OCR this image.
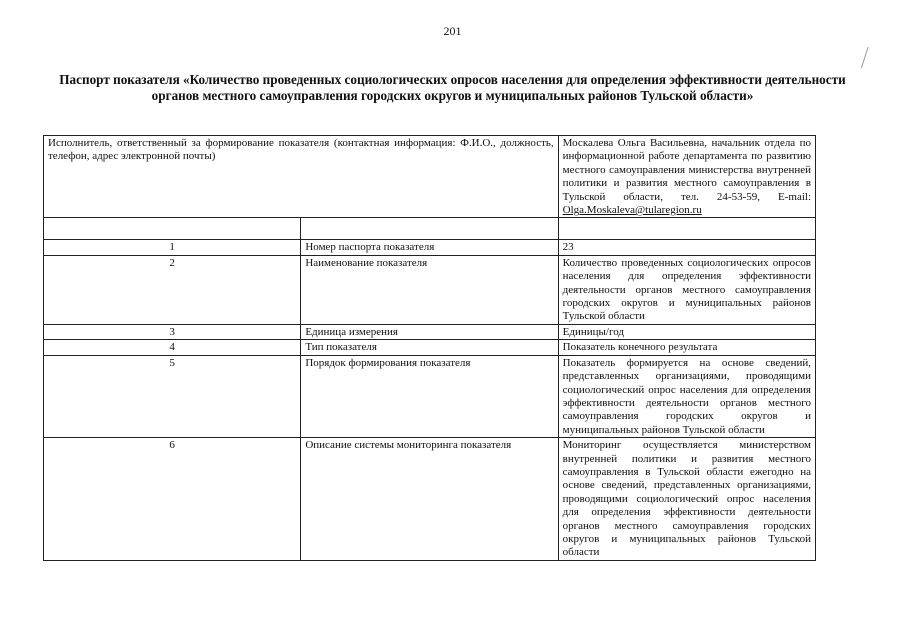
201
Паспорт показателя «Количество проведенных социологических опросов населения для определения эффективности деятельности органов местного самоуправления городских округов и муниципальных районов Тульской области»
Исполнитель, ответственный за формирование показателя (контактная информация: Ф.И.О., должность, телефон, адрес электронной почты)		Москалева Ольга Васильевна, начальник отдела по информационной работе департамента по развитию местного самоуправления министерства внутренней политики и развития местного самоуправления в Тульской области, тел. 24-53-59, E-mail: Olga.Moskaleva@tularegion.ru

1	Номер паспорта показателя	23
2	Наименование показателя	Количество проведенных социологических опросов населения для определения эффективности деятельности органов местного самоуправления городских округов и муниципальных районов Тульской области
3	Единица измерения	Единицы/год
4	Тип показателя	Показатель конечного результата
5	Порядок формирования показателя	Показатель формируется на основе сведений, представленных организациями, проводящими социологический опрос населения для определения эффективности деятельности органов местного самоуправления городских округов и муниципальных районов Тульской области
6	Описание системы мониторинга показателя	Мониторинг осуществляется министерством внутренней политики и развития местного самоуправления в Тульской области ежегодно на основе сведений, представленных организациями, проводящими социологический опрос населения для определения эффективности деятельности органов местного самоуправления городских округов и муниципальных районов Тульской области
